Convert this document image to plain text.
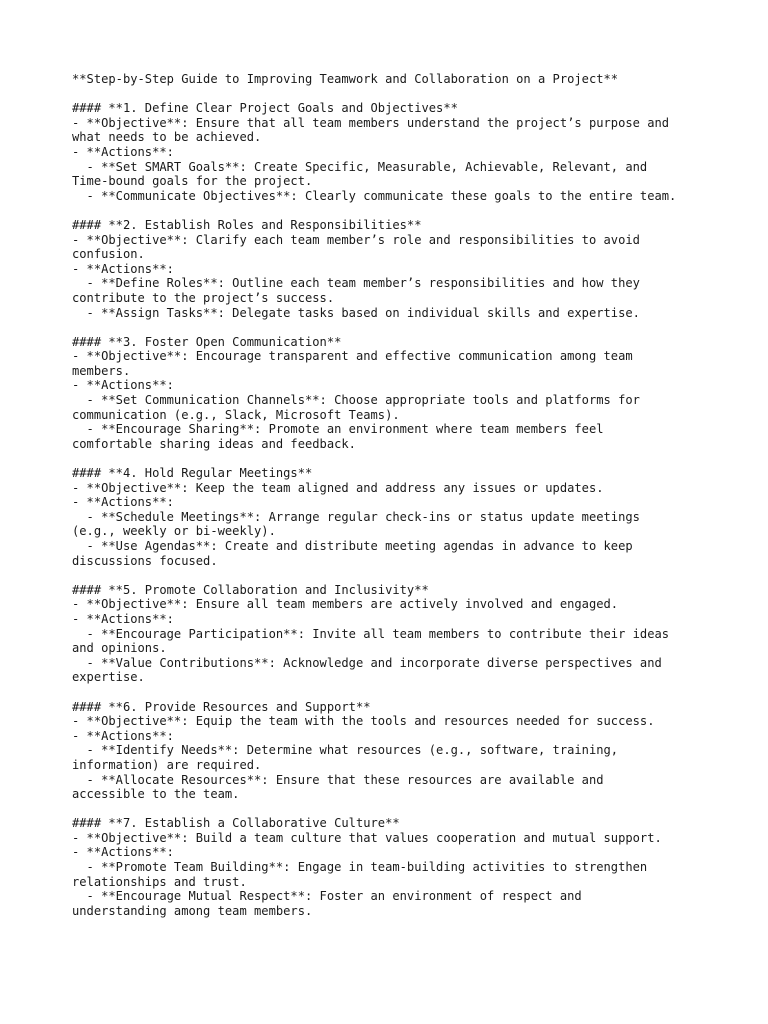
**Step-by-Step Guide to Improving Teamwork and Collaboration on a Project**
#### **1. Define Clear Project Goals and Objectives**
- **Objective**: Ensure that all team members understand the project’s purpose and
what needs to be achieved.
- **Actions**:
- **Set SMART Goals**: Create Specific, Measurable, Achievable, Relevant, and
Time-bound goals for the project.
- **Communicate Objectives**: Clearly communicate these goals to the entire team.
#### **2. Establish Roles and Responsibilities**
- **Objective**: Clarify each team member’s role and responsibilities to avoid
confusion.
- **Actions**:
- **Define Roles**: Outline each team member’s responsibilities and how they
contribute to the project’s success.
- **Assign Tasks**: Delegate tasks based on individual skills and expertise.
#### **3. Foster Open Communication**
- **Objective**: Encourage transparent and effective communication among team
members.
- **Actions**:
- **Set Communication Channels**: Choose appropriate tools and platforms for
communication (e.g., Slack, Microsoft Teams).
- **Encourage Sharing**: Promote an environment where team members feel
comfortable sharing ideas and feedback.
#### **4. Hold Regular Meetings**
- **Objective**: Keep the team aligned and address any issues or updates.
- **Actions**:
- **Schedule Meetings**: Arrange regular check-ins or status update meetings
(e.g., weekly or bi-weekly).
- **Use Agendas**: Create and distribute meeting agendas in advance to keep
discussions focused.
#### **5. Promote Collaboration and Inclusivity**
- **Objective**: Ensure all team members are actively involved and engaged.
- **Actions**:
- **Encourage Participation**: Invite all team members to contribute their ideas
and opinions.
- **Value Contributions**: Acknowledge and incorporate diverse perspectives and
expertise.
#### **6. Provide Resources and Support**
- **Objective**: Equip the team with the tools and resources needed for success.
- **Actions**:
- **Identify Needs**: Determine what resources (e.g., software, training,
information) are required.
- **Allocate Resources**: Ensure that these resources are available and
accessible to the team.
#### **7. Establish a Collaborative Culture**
- **Objective**: Build a team culture that values cooperation and mutual support.
- **Actions**:
- **Promote Team Building**: Engage in team-building activities to strengthen
relationships and trust.
- **Encourage Mutual Respect**: Foster an environment of respect and
understanding among team members.
